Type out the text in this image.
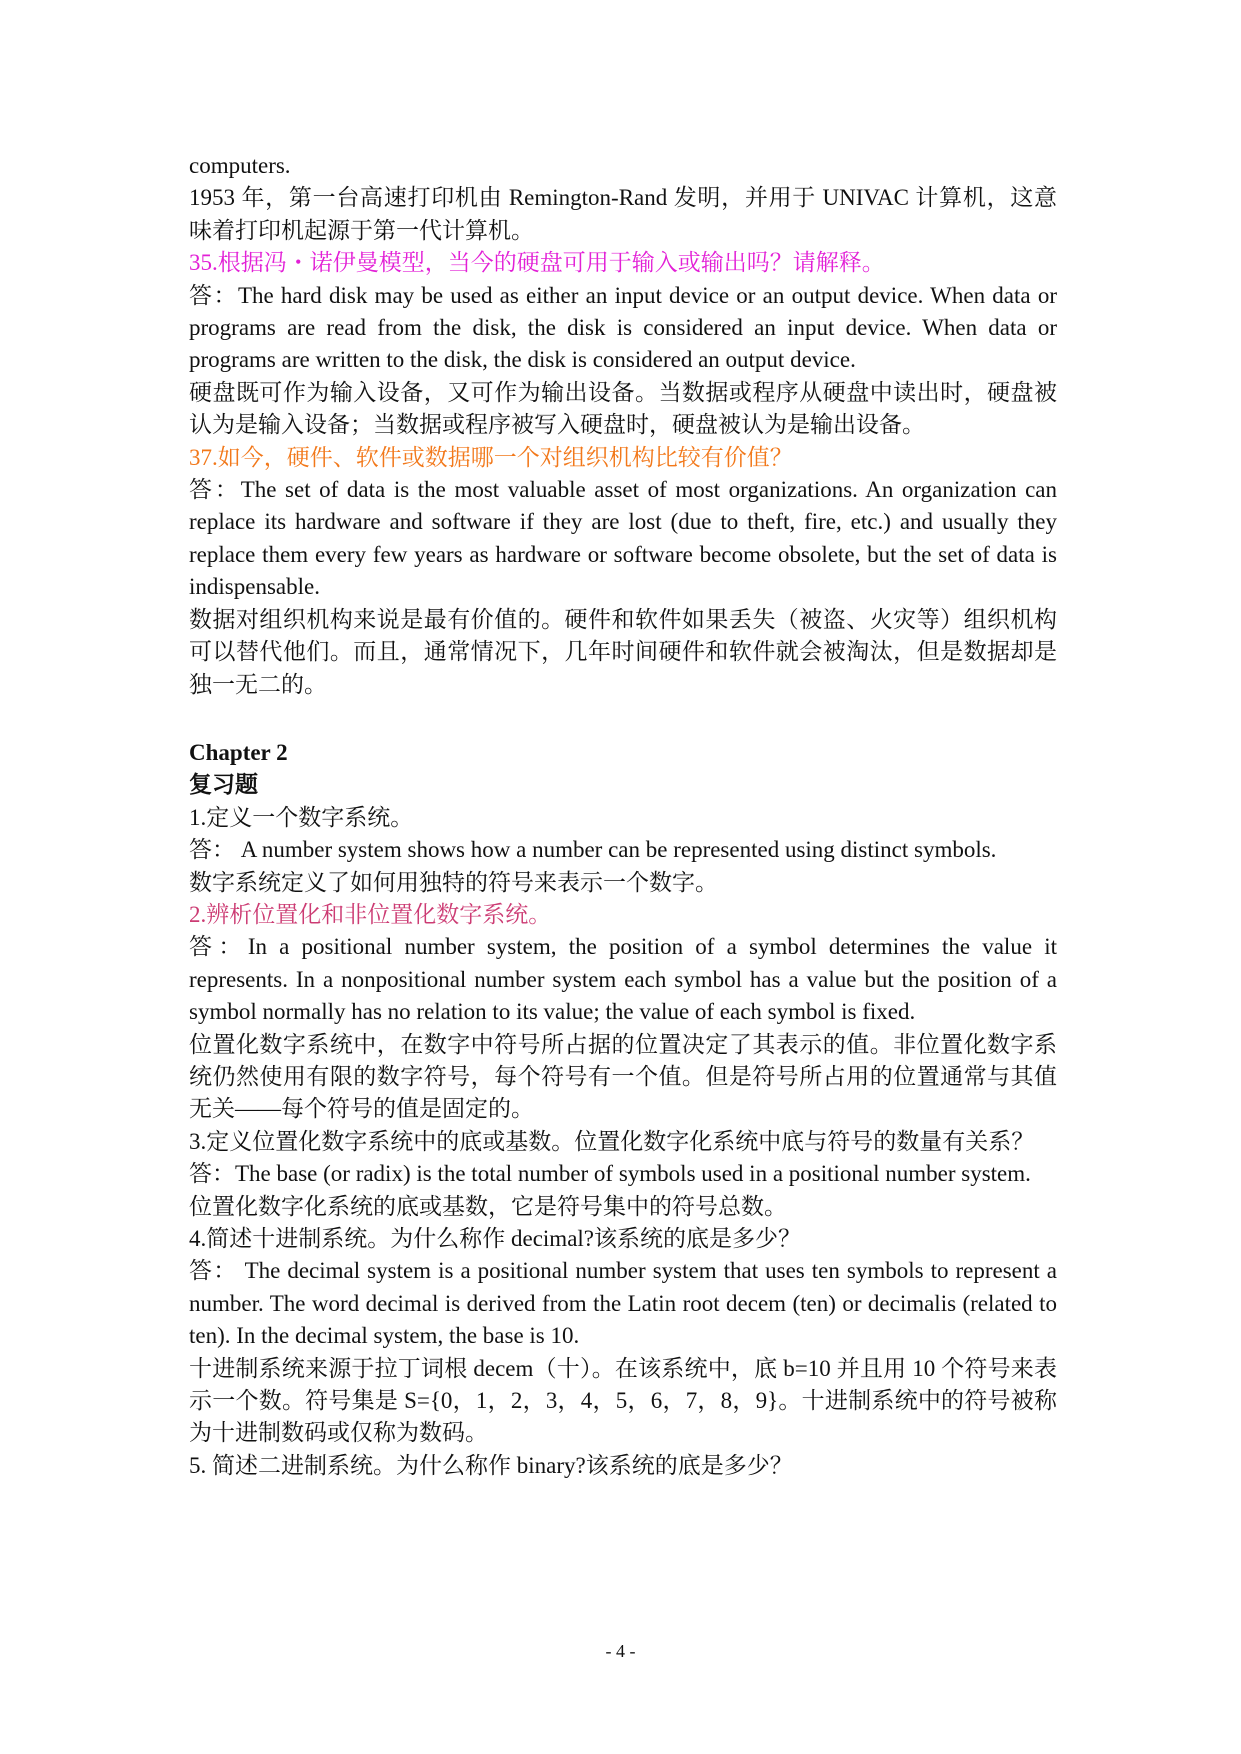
computers.

1953 年，第一台高速打印机由 Remington-Rand 发明，并用于 UNIVAC 计算机，这意味着打印机起源于第一代计算机。

35.根据冯・诺伊曼模型，当今的硬盘可用于输入或输出吗？请解释。

答：The hard disk may be used as either an input device or an output device. When data or programs are read from the disk, the disk is considered an input device. When data or programs are written to the disk, the disk is considered an output device.

硬盘既可作为输入设备，又可作为输出设备。当数据或程序从硬盘中读出时，硬盘被认为是输入设备；当数据或程序被写入硬盘时，硬盘被认为是输出设备。

37.如今，硬件、软件或数据哪一个对组织机构比较有价值？

答：The set of data is the most valuable asset of most organizations. An organization can replace its hardware and software if they are lost (due to theft, fire, etc.) and usually they replace them every few years as hardware or software become obsolete, but the set of data is indispensable.

数据对组织机构来说是最有价值的。硬件和软件如果丢失（被盗、火灾等）组织机构可以替代他们。而且，通常情况下，几年时间硬件和软件就会被淘汰，但是数据却是独一无二的。

Chapter 2

复习题

1.定义一个数字系统。

答： A number system shows how a number can be represented using distinct symbols.

数字系统定义了如何用独特的符号来表示一个数字。

2.辨析位置化和非位置化数字系统。

答：In a positional number system, the position of a symbol determines the value it represents. In a nonpositional number system each symbol has a value but the position of a symbol normally has no relation to its value; the value of each symbol is fixed.

位置化数字系统中，在数字中符号所占据的位置决定了其表示的值。非位置化数字系统仍然使用有限的数字符号，每个符号有一个值。但是符号所占用的位置通常与其值无关——每个符号的值是固定的。

3.定义位置化数字系统中的底或基数。位置化数字化系统中底与符号的数量有关系？

答：The base (or radix) is the total number of symbols used in a positional number system.

位置化数字化系统的底或基数，它是符号集中的符号总数。

4.简述十进制系统。为什么称作 decimal?该系统的底是多少？

答： The decimal system is a positional number system that uses ten symbols to represent a number. The word decimal is derived from the Latin root decem (ten) or decimalis (related to ten). In the decimal system, the base is 10.

十进制系统来源于拉丁词根 decem（十）。在该系统中，底 b=10 并且用 10 个符号来表示一个数。符号集是 S={0，1，2，3，4，5，6，7，8，9}。十进制系统中的符号被称为十进制数码或仅称为数码。

5. 简述二进制系统。为什么称作 binary?该系统的底是多少？

- 4 -
